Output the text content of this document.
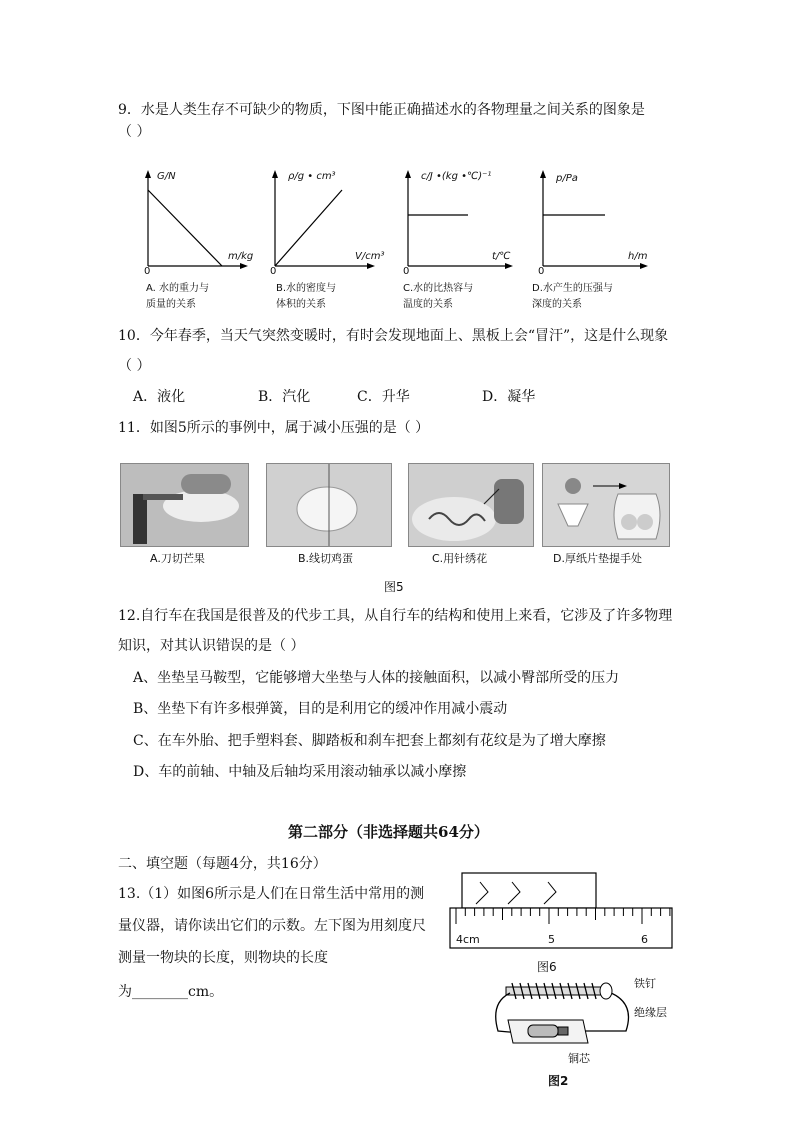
9．水是人类生存不可缺少的物质，下图中能正确描述水的各物理量之间关系的图象是
（ ）
G/N
m/kg
0
A. 水的重力与
质量的关系
ρ/g • cm³
V/cm³
0
B.水的密度与
体积的关系
c/J •(kg •℃)⁻¹
t/℃
0
C.水的比热容与
温度的关系
p/Pa
h/m
0
D.水产生的压强与
深度的关系
10．今年春季，当天气突然变暖时，有时会发现地面上、黑板上会“冒汗”，这是什么现象
（ ）
A．液化	B．汽化	C．升华	D．凝华
11．如图5所示的事例中，属于减小压强的是（ ）
A.刀切芒果	B.线切鸡蛋	C.用针绣花	D.厚纸片垫提手处
图5
12.自行车在我国是很普及的代步工具，从自行车的结构和使用上来看，它涉及了许多物理
知识，对其认识错误的是（ ）
A、坐垫呈马鞍型，它能够增大坐垫与人体的接触面积，以减小臀部所受的压力
B、坐垫下有许多根弹簧，目的是利用它的缓冲作用减小震动
C、在车外胎、把手塑料套、脚踏板和刹车把套上都刻有花纹是为了增大摩擦
D、车的前轴、中轴及后轴均采用滚动轴承以减小摩擦
第二部分（非选择题共64分）
二、填空题（每题4分，共16分）
13.（1）如图6所示是人们在日常生活中常用的测
量仪器，请你读出它们的示数。左下图为用刻度尺
测量一物块的长度，则物块的长度
为________cm。
4cm	5	6
图6
铁钉
绝缘层
铜芯
图2
